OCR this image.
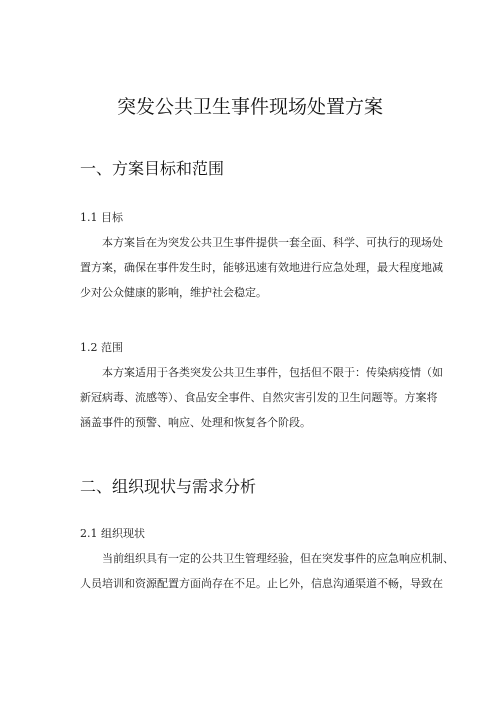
突发公共卫生事件现场处置方案
一、方案目标和范围
1.1 目标
本方案旨在为突发公共卫生事件提供一套全面、科学、可执行的现场处
置方案，确保在事件发生时，能够迅速有效地进行应急处理，最大程度地减
少对公众健康的影响，维护社会稳定。
1.2 范围
本方案适用于各类突发公共卫生事件，包括但不限于：传染病疫情（如
新冠病毒、流感等）、食品安全事件、自然灾害引发的卫生问题等。方案将
涵盖事件的预警、响应、处理和恢复各个阶段。
二、组织现状与需求分析
2.1 组织现状
当前组织具有一定的公共卫生管理经验，但在突发事件的应急响应机制、
人员培训和资源配置方面尚存在不足。止匕外，信息沟通渠道不畅，导致在
